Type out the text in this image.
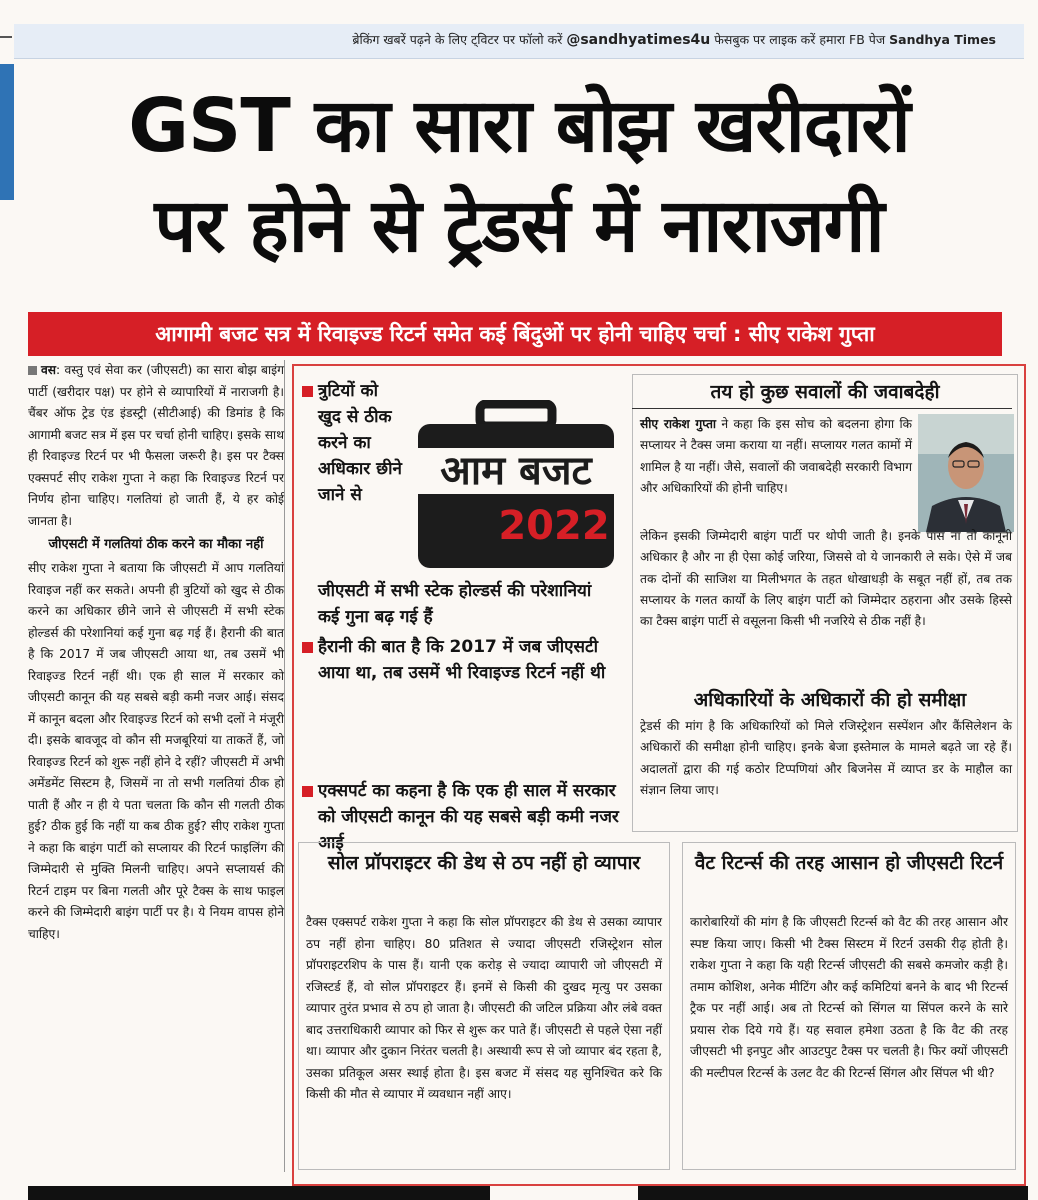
ब्रेकिंग खबरें पढ़ने के लिए ट्विटर पर फॉलो करें @sandhyatimes4u फेसबुक पर लाइक करें हमारा FB पेज Sandhya Times
GST का सारा बोझ खरीदारों
पर होने से ट्रेडर्स में नाराजगी
आगामी बजट सत्र में रिवाइज्ड रिटर्न समेत कई बिंदुओं पर होनी चाहिए चर्चा : सीए राकेश गुप्ता

वस: वस्तु एवं सेवा कर (जीएसटी) का सारा बोझ बाइंग पार्टी (खरीदार पक्ष) पर होने से व्यापारियों में नाराजगी है। चैंबर ऑफ ट्रेड एंड इंडस्ट्री (सीटीआई) की डिमांड है कि आगामी बजट सत्र में इस पर चर्चा होनी चाहिए। इसके साथ ही रिवाइज्ड रिटर्न पर भी फैसला जरूरी है। इस पर टैक्स एक्सपर्ट सीए राकेश गुप्ता ने कहा कि रिवाइज्ड रिटर्न पर निर्णय होना चाहिए। गलतियां हो जाती हैं, ये हर कोई जानता है।

जीएसटी में गलतियां ठीक करने का मौका नहीं

सीए राकेश गुप्ता ने बताया कि जीएसटी में आप गलतियां रिवाइज नहीं कर सकते। अपनी ही त्रुटियों को खुद से ठीक करने का अधिकार छीने जाने से जीएसटी में सभी स्टेक होल्डर्स की परेशानियां कई गुना बढ़ गई हैं। हैरानी की बात है कि 2017 में जब जीएसटी आया था, तब उसमें भी रिवाइज्ड रिटर्न नहीं थी। एक ही साल में सरकार को जीएसटी कानून की यह सबसे बड़ी कमी नजर आई। संसद में कानून बदला और रिवाइज्ड रिटर्न को सभी दलों ने मंजूरी दी। इसके बावजूद वो कौन सी मजबूरियां या ताकतें हैं, जो रिवाइज्ड रिटर्न को शुरू नहीं होने दे रहीं? जीएसटी में अभी अमेंडमेंट सिस्टम है, जिसमें ना तो सभी गलतियां ठीक हो पाती हैं और न ही ये पता चलता कि कौन सी गलती ठीक हुई? ठीक हुई कि नहीं या कब ठीक हुई? सीए राकेश गुप्ता ने कहा कि बाइंग पार्टी को सप्लायर की रिटर्न फाइलिंग की जिम्मेदारी से मुक्ति मिलनी चाहिए। अपने सप्लायर्स की रिटर्न टाइम पर बिना गलती और पूरे टैक्स के साथ फाइल करने की जिम्मेदारी बाइंग पार्टी पर है। ये नियम वापस होने चाहिए।

आम बजट
2022
त्रुटियों को खुद से ठीक करने का अधिकार छीने जाने से
जीएसटी में सभी स्टेक होल्डर्स की परेशानियां कई गुना बढ़ गई हैं
हैरानी की बात है कि 2017 में जब जीएसटी आया था, तब उसमें भी रिवाइज्ड रिटर्न नहीं थी
एक्सपर्ट का कहना है कि एक ही साल में सरकार को जीएसटी कानून की यह सबसे बड़ी कमी नजर आई
तय हो कुछ सवालों की जवाबदेही

सीए राकेश गुप्ता ने कहा कि इस सोच को बदलना होगा कि सप्लायर ने टैक्स जमा कराया या नहीं। सप्लायर गलत कामों में शामिल है या नहीं। जैसे, सवालों की जवाबदेही सरकारी विभाग और अधिकारियों की होनी चाहिए।

लेकिन इसकी जिम्मेदारी बाइंग पार्टी पर थोपी जाती है। इनके पास ना तो कानूनी अधिकार है और ना ही ऐसा कोई जरिया, जिससे वो ये जानकारी ले सके। ऐसे में जब तक दोनों की साजिश या मिलीभगत के तहत धोखाधड़ी के सबूत नहीं हों, तब तक सप्लायर के गलत कार्यों के लिए बाइंग पार्टी को जिम्मेदार ठहराना और उसके हिस्से का टैक्स बाइंग पार्टी से वसूलना किसी भी नजरिये से ठीक नहीं है।

अधिकारियों के अधिकारों की हो समीक्षा

ट्रेडर्स की मांग है कि अधिकारियों को मिले रजिस्ट्रेशन सस्पेंशन और कैंसिलेशन के अधिकारों की समीक्षा होनी चाहिए। इनके बेजा इस्तेमाल के मामले बढ़ते जा रहे हैं। अदालतों द्वारा की गई कठोर टिप्पणियां और बिजनेस में व्याप्त डर के माहौल का संज्ञान लिया जाए।

सोल प्रॉपराइटर की डेथ से ठप नहीं हो व्यापार

टैक्स एक्सपर्ट राकेश गुप्ता ने कहा कि सोल प्रॉपराइटर की डेथ से उसका व्यापार ठप नहीं होना चाहिए। 80 प्रतिशत से ज्यादा जीएसटी रजिस्ट्रेशन सोल प्रॉपराइटरशिप के पास हैं। यानी एक करोड़ से ज्यादा व्यापारी जो जीएसटी में रजिस्टर्ड हैं, वो सोल प्रॉपराइटर हैं। इनमें से किसी की दुखद मृत्यु पर उसका व्यापार तुरंत प्रभाव से ठप हो जाता है। जीएसटी की जटिल प्रक्रिया और लंबे वक्त बाद उत्तराधिकारी व्यापार को फिर से शुरू कर पाते हैं। जीएसटी से पहले ऐसा नहीं था। व्यापार और दुकान निरंतर चलती है। अस्थायी रूप से जो व्यापार बंद रहता है, उसका प्रतिकूल असर स्थाई होता है। इस बजट में संसद यह सुनिश्चित करे कि किसी की मौत से व्यापार में व्यवधान नहीं आए।

वैट रिटर्न्स की तरह आसान हो जीएसटी रिटर्न

कारोबारियों की मांग है कि जीएसटी रिटर्न्स को वैट की तरह आसान और स्पष्ट किया जाए। किसी भी टैक्स सिस्टम में रिटर्न उसकी रीढ़ होती है। राकेश गुप्ता ने कहा कि यही रिटर्न्स जीएसटी की सबसे कमजोर कड़ी है। तमाम कोशिश, अनेक मीटिंग और कई कमिटियां बनने के बाद भी रिटर्न्स ट्रैक पर नहीं आई। अब तो रिटर्न्स को सिंगल या सिंपल करने के सारे प्रयास रोक दिये गये हैं। यह सवाल हमेशा उठता है कि वैट की तरह जीएसटी भी इनपुट और आउटपुट टैक्स पर चलती है। फिर क्यों जीएसटी की मल्टीपल रिटर्न्स के उलट वैट की रिटर्न्स सिंगल और सिंपल भी थी?
